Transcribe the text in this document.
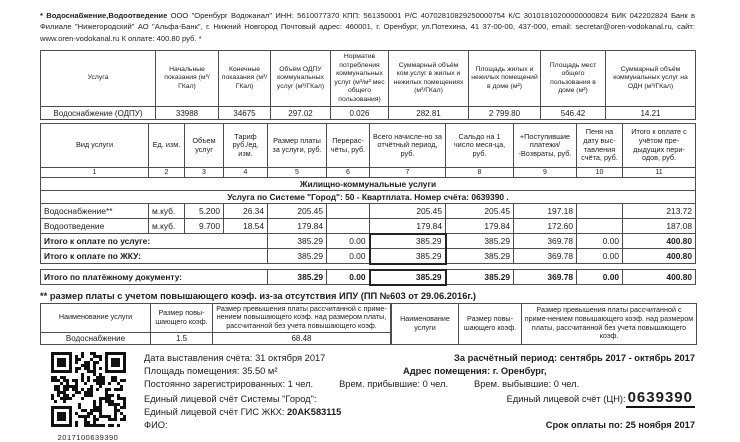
* Водоснабжение,Водоотведение ООО "Оренбург Водоканал" ИНН: 5610077370 КПП: 561350001 Р/С 40702810829250000754 К/С 30101810200000000824 БИК 042202824 Банк в Филиале "Нижегородский" АО "Альфа-Банк", г. Нижний Новгород Почтовый адрес: 460001, г. Оренбург, ул.Потехина, 41 37-00-00, 437-000, email: secretar@oren-vodokanal.ru, сайт: www.oren-vodokanal.ru К оплате: 400.80 руб. *
Услуга	Начальные показания (м³/ГКал)	Конечные показания (м³/ГКал)	Объём ОДПУ коммунальных услуг (м³/ГКал)	Норматив потребления коммунальных услуг (м³/м² мес общего пользования)	Суммарный объём ком.услуг в жилых и нежилых помещениях (м³/ГКал)	Площадь жилых и нежилых помещений в доме (м²)	Площадь мест общего пользования в доме (м²)	Суммарный объём коммунальных услуг на ОДН (м³/ГКал)
Водоснабжение (ОДПУ)	33988	34675	297.02	0.026	282.81	2 799.80	546.42	14.21
Вид услуги	Ед. изм.	Объем услуг	Тариф руб./ед. изм.	Размер платы за услуги, руб.	Перерас-чёты, руб.	Всего начисле-но за отчётный период, руб.	Сальдо на 1 число меся-ца, руб.	+Поступившие платежи/ -Возвраты, руб.	Пеня на дату выс-тавления счёта, руб.	Итого к оплате с учётом пре-дыдущих пери-одов, руб.
1	2	3	4	5	6	7	8	9	10	11
Жилищно-коммунальные услуги										
Услуга по Системе "Город": 50 - Квартплата. Номер счёта: 0639390 .										
Водоснабжение**	м.куб.	5.200	26.34	205.45		205.45	205.45	197.18		213.72
Водоотведение	м.куб.	9.700	18.54	179.84		179.84	179.84	172.60		187.08
Итого к оплате по услуге:				385.29	0.00	385.29	385.29	369.78	0.00	400.80
Итого к оплате по ЖКУ:				385.29	0.00	385.29	385.29	369.78	0.00	400.80
Итого по платёжному документу:	385.29	0.00	385.29	385.29	369.78	0.00	400.80
** размер платы с учетом повышающего коэф. из-за отсутствия ИПУ (ПП №603 от 29.06.2016г.)
Наименование услуги	Размер повы-шающего коэф.	Размер превышения платы рассчитанной с приме-нением повышающего коэф. над размером платы, рассчитанной без учета повышающего коэф.
Водоснабжение	1.5	68.48
Наименование услуги	Размер повы-шающего коэф.	Размер превышения платы рассчитанной с приме-нением повышающего коэф. над размером платы, рассчитанной без учета повышающего коэф.
2017100639390
Дата выставления счёта: 31 октября 2017	За расчётный период: сентябрь 2017 - октябрь 2017
Площадь помещения: 35.50 м²	Адрес помещения: г. Оренбург,
Постоянно зарегистрированных:
1 чел.	Врем. прибывшие:
0 чел.	Врем. выбывшие:
0 чел.
Единый лицевой счёт Системы "Город":	Единый лицевой счёт (ЦН): 0639390
Единый лицевой счёт ГИС ЖКХ:
20AK583115
ФИО:	Срок оплаты по: 25 ноября 2017
